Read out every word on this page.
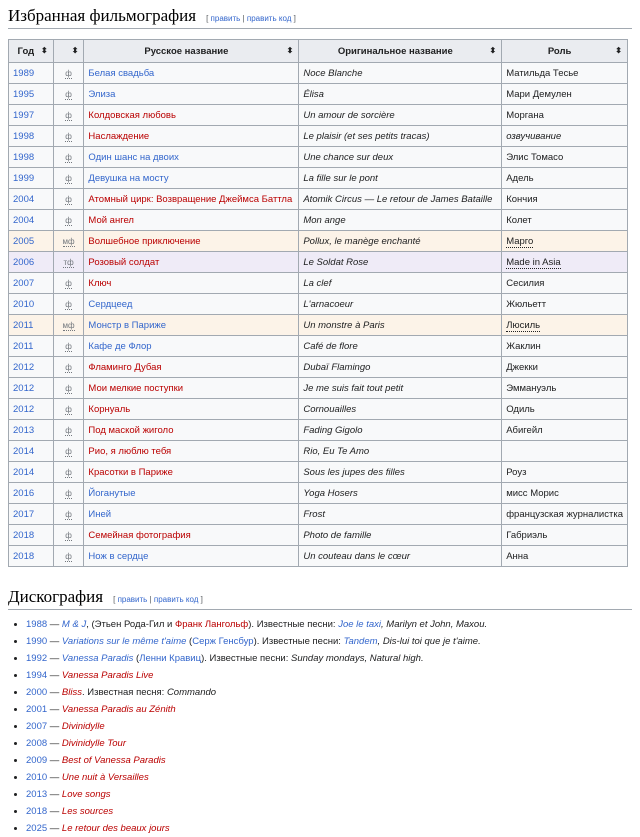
Избранная фильмография [ править | править код ]
Год ⬍	⬍	Русское название ⬍	Оригинальное название ⬍	Роль ⬍

1989	ф	Белая свадьба	Noce Blanche	Матильда Тесье
1995	ф	Элиза	Élisa	Мари Демулен
1997	ф	Колдовская любовь	Un amour de sorcière	Моргана
1998	ф	Наслаждение	Le plaisir (et ses petits tracas)	озвучивание
1998	ф	Один шанс на двоих	Une chance sur deux	Элис Томасо
1999	ф	Девушка на мосту	La fille sur le pont	Адель
2004	ф	Атомный цирк: Возвращение Джеймса Баттла	Atomik Circus — Le retour de James Bataille	Кончия
2004	ф	Мой ангел	Mon ange	Колет
2005	мф	Волшебное приключение	Pollux, le manège enchanté	Марго
2006	тф	Розовый солдат	Le Soldat Rose	Made in Asia
2007	ф	Ключ	La clef	Сесилия
2010	ф	Сердцеед	L'arnacoeur	Жюльетт
2011	мф	Монстр в Париже	Un monstre à Paris	Люсиль
2011	ф	Кафе де Флор	Café de flore	Жаклин
2012	ф	Фламинго Дубая	Dubaï Flamingo	Джекки
2012	ф	Мои мелкие поступки	Je me suis fait tout petit	Эммануэль
2012	ф	Корнуаль	Cornouailles	Одиль
2013	ф	Под маской жиголо	Fading Gigolo	Абигейл
2014	ф	Рио, я люблю тебя	Rio, Eu Te Amo	
2014	ф	Красотки в Париже	Sous les jupes des filles	Роуз
2016	ф	Йоганутые	Yoga Hosers	мисс Морис
2017	ф	Иней	Frost	французская журналистка
2018	ф	Семейная фотография	Photo de famille	Габриэль
2018	ф	Нож в сердце	Un couteau dans le cœur	Анна
Дискография [ править | править код ]
• 1988 — M & J, (Этьен Рода-Гил и Франк Лангольф). Известные песни: Joe le taxi, Marilyn et John, Maxou.
• 1990 — Variations sur le même t'aime (Серж Генсбур). Известные песни: Tandem, Dis-lui toi que je t'aime.
• 1992 — Vanessa Paradis (Ленни Кравиц). Известные песни: Sunday mondays, Natural high.
• 1994 — Vanessa Paradis Live
• 2000 — Bliss. Известная песня: Commando
• 2001 — Vanessa Paradis au Zénith
• 2007 — Divinidylle
• 2008 — Divinidylle Tour
• 2009 — Best of Vanessa Paradis
• 2010 — Une nuit à Versailles
• 2013 — Love songs
• 2018 — Les sources
• 2025 — Le retour des beaux jours
